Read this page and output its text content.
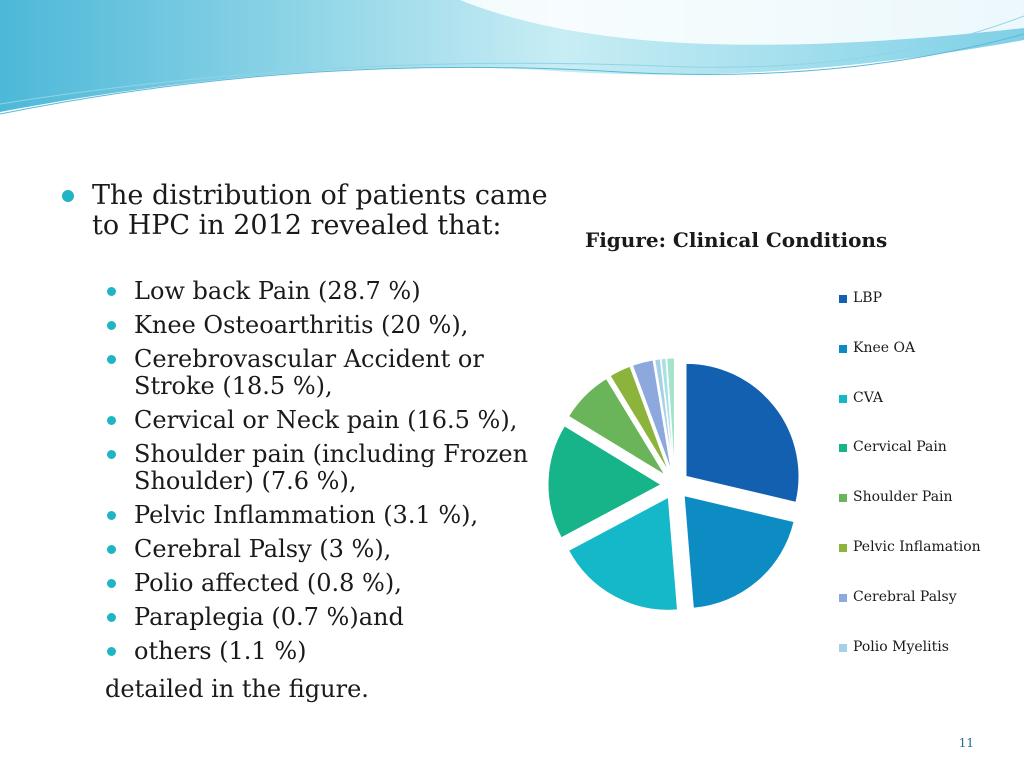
The distribution of patients came to HPC in 2012 revealed that:
Low back Pain (28.7 %)
Knee Osteoarthritis (20 %),
Cerebrovascular Accident or Stroke (18.5 %),
Cervical or Neck pain (16.5 %),
Shoulder pain (including Frozen Shoulder) (7.6 %),
Pelvic Inflammation (3.1 %),
Cerebral Palsy (3 %),
Polio affected (0.8 %),
Paraplegia (0.7 %)and
others (1.1 %)
detailed in the figure.
Figure: Clinical Conditions
LBP
Knee OA
CVA
Cervical Pain
Shoulder Pain
Pelvic Inflamation
Cerebral Palsy
Polio Myelitis
11
